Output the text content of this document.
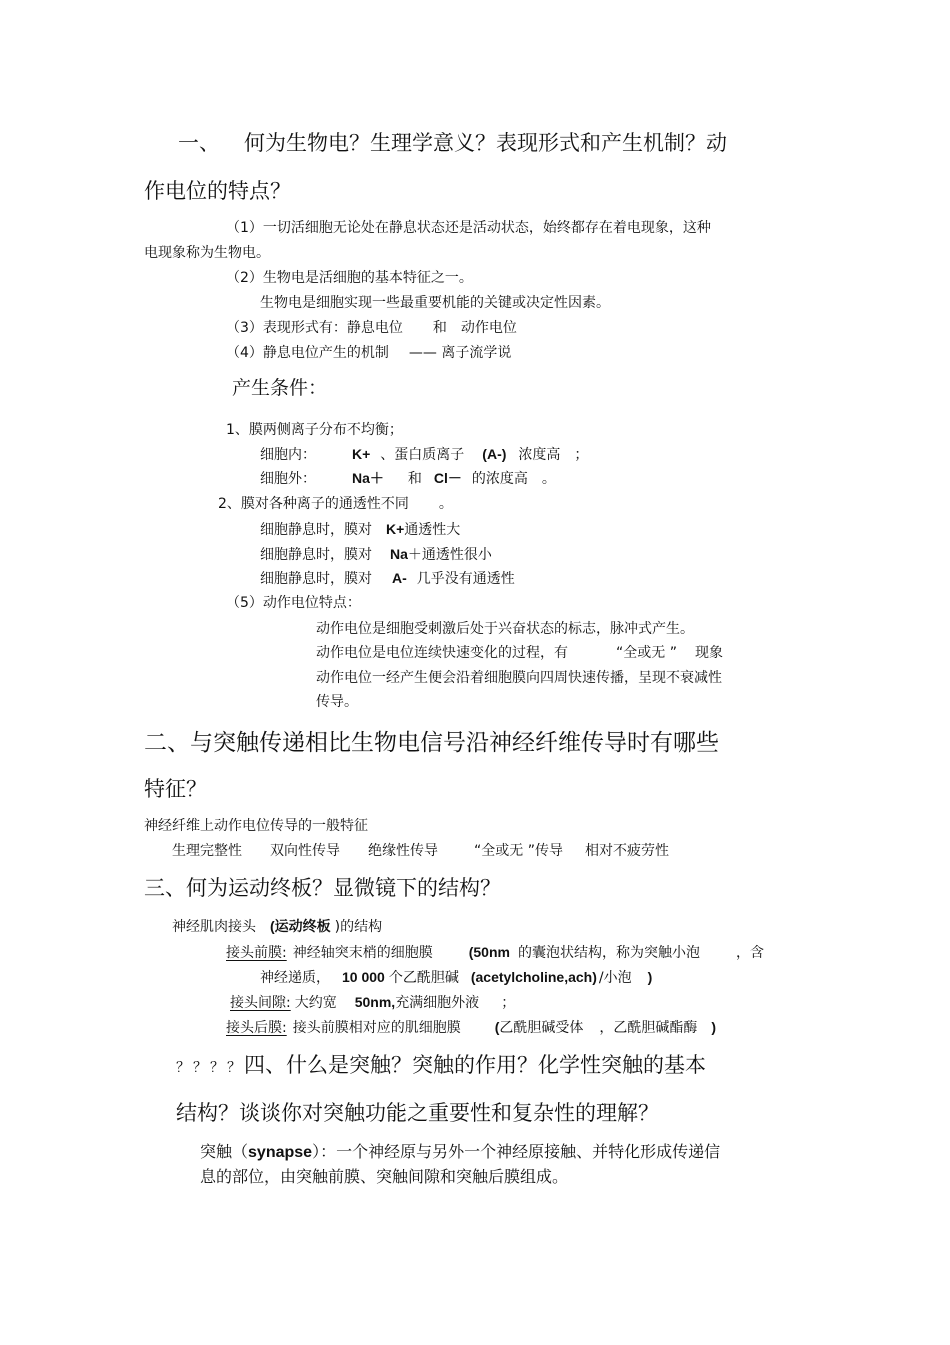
一、 何为生物电？生理学意义？表现形式和产生机制？动
作电位的特点？
（1）一切活细胞无论处在静息状态还是活动状态，始终都存在着电现象，这种
电现象称为生物电。
（2）生物电是活细胞的基本特征之一。
生物电是细胞实现一些最重要机能的关键或决定性因素。
（3）表现形式有：静息电位 和 动作电位
（4）静息电位产生的机制 —— 离子流学说
产生条件：
1、膜两侧离子分布不均衡；
细胞内：	K+ 、蛋白质离子 (A-) 浓度高 ；
细胞外：	Na＋ 和 Cl－ 的浓度高 。
2、膜对各种离子的通透性不同 。
细胞静息时，膜对 K+通透性大
细胞静息时，膜对 Na＋通透性很小
细胞静息时，膜对 A- 几乎没有通透性
（5）动作电位特点：
动作电位是细胞受刺激后处于兴奋状态的标志，脉冲式产生。
动作电位是电位连续快速变化的过程，有	“全或无 ” 现象
动作电位一经产生便会沿着细胞膜向四周快速传播，呈现不衰减性
传导。
二、与突触传递相比生物电信号沿神经纤维传导时有哪些
特征？
神经纤维上动作电位传导的一般特征
生理完整性 双向性传导 绝缘性传导	“全或无 ”传导 相对不疲劳性
三、何为运动终板？显微镜下的结构？
神经肌肉接头 (运动终板 )的结构
接头前膜: 神经轴突末梢的细胞膜	(50nm 的囊泡状结构，称为突触小泡	，含
神经递质， 10 000 个乙酰胆碱 (acetylcholine,ach) /小泡 )
接头间隙: 大约宽 50nm,充满细胞外液 ；
接头后膜: 接头前膜相对应的肌细胞膜 (乙酰胆碱受体 ，乙酰胆碱酯酶 )
？？？？ 四、什么是突触？突触的作用？化学性突触的基本
结构？谈谈你对突触功能之重要性和复杂性的理解？
突触（synapse）：一个神经原与另外一个神经原接触、并特化形成传递信
息的部位，由突触前膜、突触间隙和突触后膜组成。
